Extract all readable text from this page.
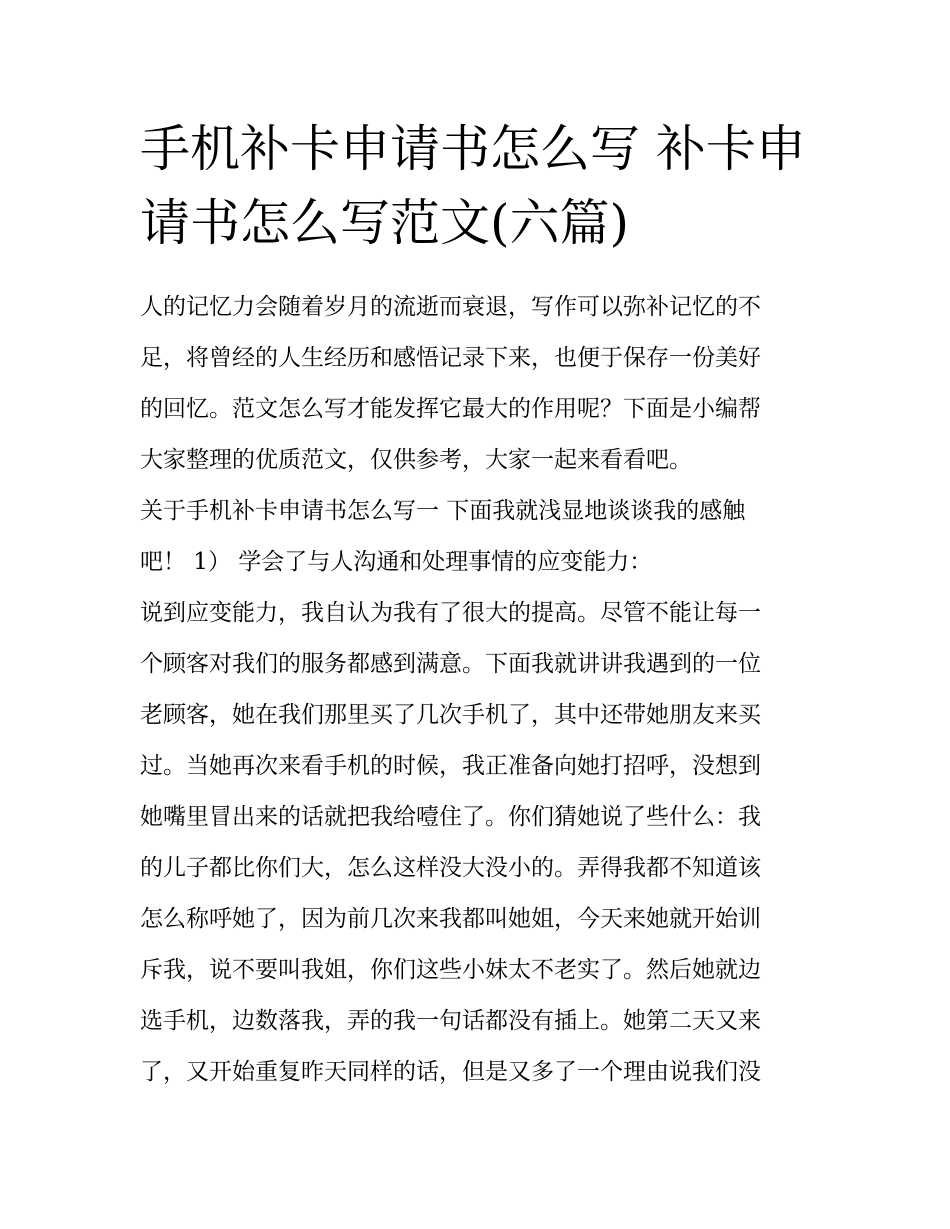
手机补卡申请书怎么写 补卡申
请书怎么写范文(六篇)
人的记忆力会随着岁月的流逝而衰退，写作可以弥补记忆的不
足，将曾经的人生经历和感悟记录下来，也便于保存一份美好
的回忆。范文怎么写才能发挥它最大的作用呢？下面是小编帮
大家整理的优质范文，仅供参考，大家一起来看看吧。
关于手机补卡申请书怎么写一 下面我就浅显地谈谈我的感触
吧！ 1） 学会了与人沟通和处理事情的应变能力：
说到应变能力，我自认为我有了很大的提高。尽管不能让每一
个顾客对我们的服务都感到满意。下面我就讲讲我遇到的一位
老顾客，她在我们那里买了几次手机了，其中还带她朋友来买
过。当她再次来看手机的时候，我正准备向她打招呼，没想到
她嘴里冒出来的话就把我给噎住了。你们猜她说了些什么：我
的儿子都比你们大，怎么这样没大没小的。弄得我都不知道该
怎么称呼她了，因为前几次来我都叫她姐，今天来她就开始训
斥我，说不要叫我姐，你们这些小妹太不老实了。然后她就边
选手机，边数落我，弄的我一句话都没有插上。她第二天又来
了，又开始重复昨天同样的话，但是又多了一个理由说我们没
